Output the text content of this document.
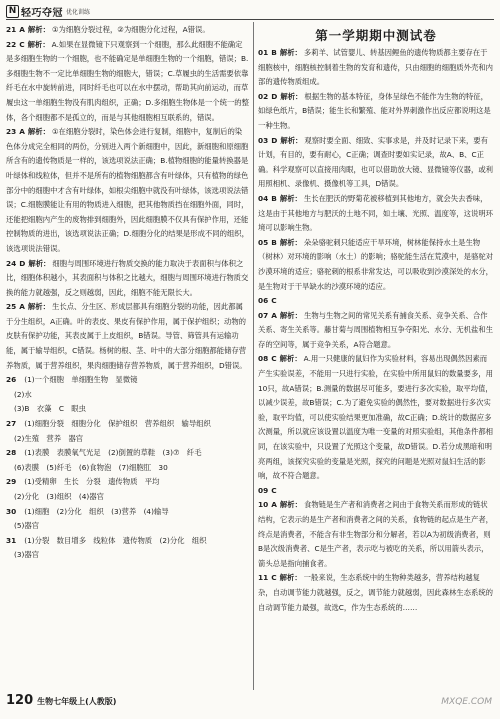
N 轻巧夺冠 优化训练

21 A 解析： ①为细胞分裂过程，②为细胞分化过程，A错误。

22 C 解析： A.如果在显微镜下只观察到一个细胞，那么此细胞不能确定是多细胞生物的一个细胞，也不能确定是单细胞生物的一个细胞，错误；B.多细胞生物不一定比单细胞生物的细胞大，错误；C.草履虫的生活需要依靠纤毛在水中旋转前进，同时纤毛也可以在水中摆动，帮助其向前运动，而草履虫这一单细胞生物没有肌肉组织，正确；D.多细胞生物体是一个统一的整体，各个细胞都不是孤立的，而是与其他细胞相互联系的，错误。

23 A 解析： ①在细胞分裂时，染色体会进行复制，细胞中，复制后的染色体分成完全相同的两份，分别进入两个新细胞中，因此，新细胞和原细胞所含有的遗传物质是一样的，该选项说法正确；B.植物细胞的能量转换器是叶绿体和线粒体，但并不是所有的植物细胞都含有叶绿体，只有植物的绿色部分中的细胞中才含有叶绿体，如根尖细胞中就没有叶绿体，该选项说法错误；C.细胞膜能让有用的物质进入细胞，把其他物质挡在细胞外面，同时，还能把细胞内产生的废物排到细胞外，因此细胞膜不仅具有保护作用，还能控制物质的进出，该选项说法正确；D.细胞分化的结果是形成不同的组织，该选项说法错误。

24 D 解析： 细胞与周围环境进行物质交换的能力取决于表面积与体积之比，细胞体积越小，其表面积与体积之比越大，细胞与周围环境进行物质交换的能力就越强，反之则越弱，因此，细胞不能无限长大。

25 A 解析： 生长点、分生区、形成层都具有细胞分裂的功能，因此都属于分生组织，A正确。叶的表皮、果皮有保护作用，属于保护组织；动物的皮肤有保护功能，其表皮属于上皮组织，B错误。导管、筛管具有运输功能，属于输导组织，C错误。杨树的根、茎、叶中的大部分细胞都能储存营养物质，属于营养组织，果肉细胞储存营养物质，属于营养组织，D错误。

26 (1)一个细胞　单细胞生物　显微镜

(2)水

(3)B　衣藻　C　眼虫

27 (1)细胞分裂　细胞分化　保护组织　营养组织　输导组织

(2)生殖　营养　器官

28 (1)表膜　表膜氧气光足　(2)倒置的草鞋　(3)⑦　纤毛

(6)表膜　(5)纤毛　(6)食物泡　(7)细胞肛　30

29 (1)受精卵　生长　分裂　遗传物质　平均

(2)分化　(3)组织　(4)器官

30 (1)细胞　(2)分化　组织　(3)营养　(4)输导

(5)器官

31 (1)分裂　数目增多　线粒体　遗传物质　(2)分化　组织

(3)器官

第一学期期中测试卷

01 B 解析： 多莉羊、试管婴儿、转基因鲤鱼的遗传物质都主要存在于细胞核中，细胞核控制着生物的发育和遗传，只由细胞的细胞质外壳和内部的遗传物质组成。

02 D 解析： 根据生物的基本特征，身体呈绿色不能作为生物的特征，如绿色纸片，B错误；能生长和繁殖、能对外界刺激作出反应都说明这是一种生物。

03 D 解析： 观察时要全面、细致、实事求是，并及时记录下来，要有计划，有目的，要有耐心，C正确；调查时要如实记录，故A、B、C正确。科学观察可以直接用肉眼，也可以借助放大镜、显微镜等仪器，或利用照相机、录像机、摄像机等工具，D错误。

04 B 解析： 生长在肥沃的野菊花被移植到其他地方，就会失去香味，这是由于其他地方与肥沃的土地不同，如土壤、光照、温度等，这说明环境可以影响生物。

05 B 解析： 朵朵骆驼刺只能适应干旱环境，树林能保持水土是生物（树林）对环境的影响（水土）的影响；骆驼能生活在荒漠中，是骆驼对沙漠环境的适应；骆驼刺的根系非常发达，可以吸收到沙漠深处的水分，是生物对于干旱缺水的沙漠环境的适应。

06 C

07 A 解析： 生物与生物之间的常见关系有捕食关系、竞争关系、合作关系、寄生关系等。藤甘菊与周围植物相互争夺阳光、水分、无机盐和生存的空间等，属于竞争关系，A符合题意。

08 C 解析： A.用一只健康的鼠妇作为实验材料，容易出现偶然因素而产生实验误差，不能用一只进行实验，在实验中所用鼠妇的数量要多，用10只，故A错误；B.测量的数据尽可能多，要进行多次实验，取平均值，以减少误差，故B错误；C.为了避免实验的偶然性，要对数据进行多次实验，取平均值，可以使实验结果更加准确，故C正确；D.统计的数据应多次测量，所以就应该设置以温度为唯一变量的对照实验组，其他条件都相同，在该实验中，只设置了光照这个变量，故D错误。D.若分成黑暗和明亮两组，该探究实验的变量是光照，探究的问题是光照对鼠妇生活的影响，故不符合题意。

09 C

10 A 解析： 食物链是生产者和消费者之间由于食物关系而形成的链状结构，它表示的是生产者和消费者之间的关系，食物链的起点是生产者，终点是消费者，不能含有非生物部分和分解者，若以A为初级消费者，则B是次级消费者、C是生产者，表示吃与被吃的关系，所以用箭头表示，箭头总是指向捕食者。

11 C 解析： 一般来说，生态系统中的生物种类越多，营养结构越复杂，自动调节能力就越强，反之，调节能力就越弱，因此森林生态系统的自动调节能力最强，故选C，作为生态系统的……

120 生物七年级上(人教版)	MXQE.COM
